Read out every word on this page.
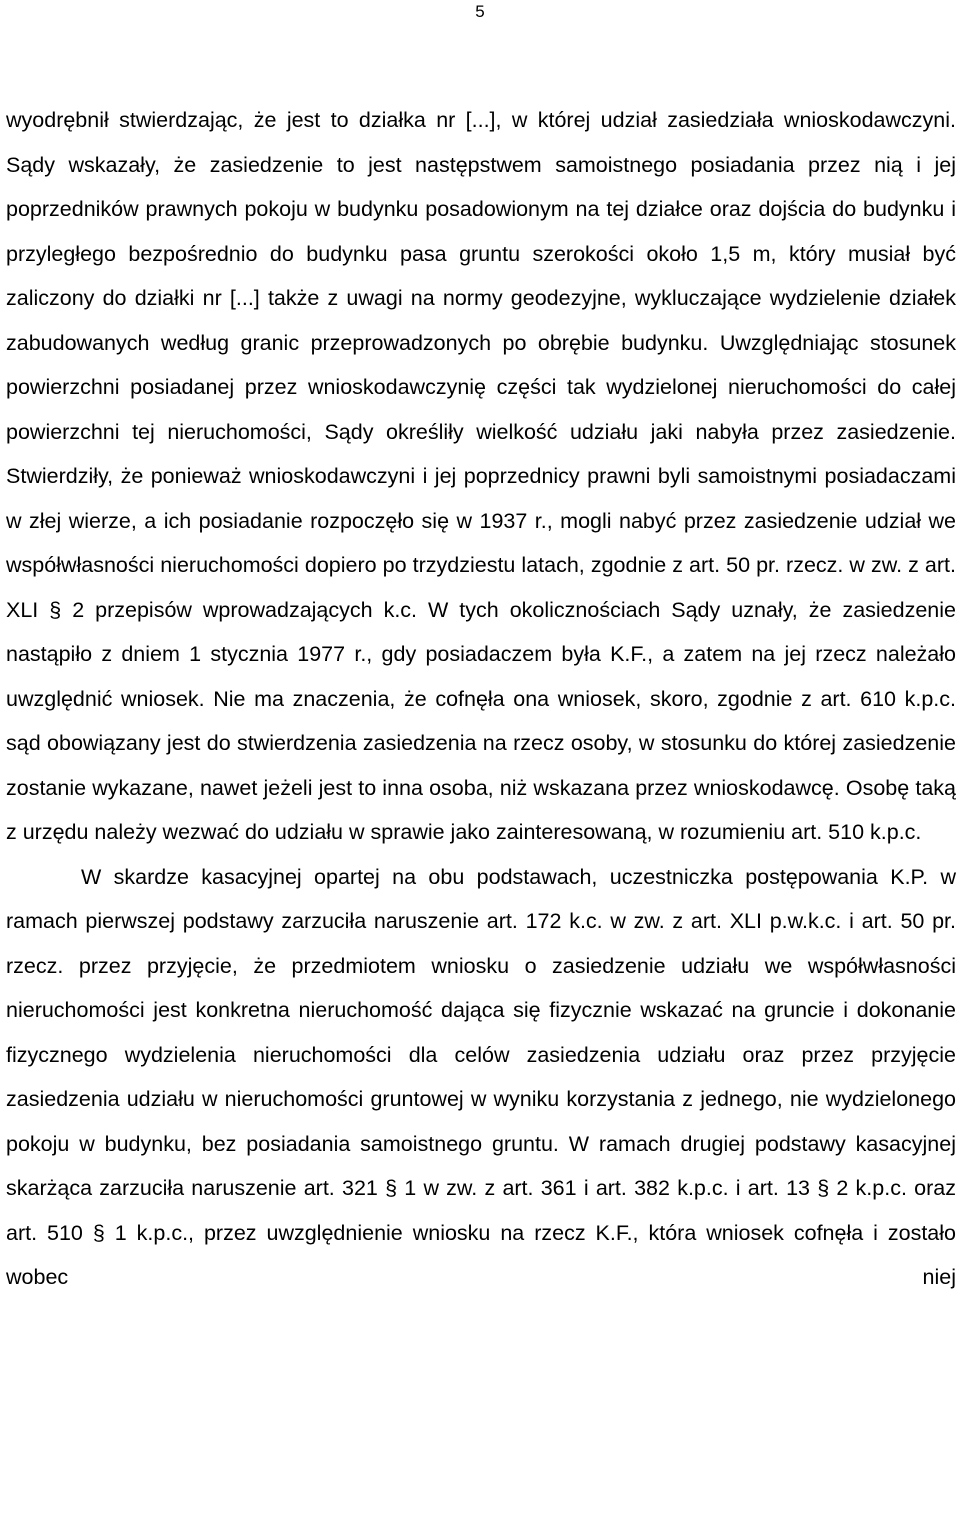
5

wyodrębnił stwierdzając, że jest to działka nr [...], w której udział zasiedziała wnioskodawczyni. Sądy wskazały, że zasiedzenie to jest następstwem samoistnego posiadania przez nią i jej poprzedników prawnych pokoju w budynku posadowionym na tej działce oraz dojścia do budynku i przyległego bezpośrednio do budynku pasa gruntu szerokości około 1,5 m, który musiał być zaliczony do działki nr [...] także z uwagi na normy geodezyjne, wykluczające wydzielenie działek zabudowanych według granic przeprowadzonych po obrębie budynku. Uwzględniając stosunek powierzchni posiadanej przez wnioskodawczynię części tak wydzielonej nieruchomości do całej powierzchni tej nieruchomości, Sądy określiły wielkość udziału jaki nabyła przez zasiedzenie. Stwierdziły, że ponieważ wnioskodawczyni i jej poprzednicy prawni byli samoistnymi posiadaczami w złej wierze, a ich posiadanie rozpoczęło się w 1937 r., mogli nabyć przez zasiedzenie udział we współwłasności nieruchomości dopiero po trzydziestu latach, zgodnie z art. 50 pr. rzecz. w zw. z art. XLI § 2 przepisów wprowadzających k.c. W tych okolicznościach Sądy uznały, że zasiedzenie nastąpiło z dniem 1 stycznia 1977 r., gdy posiadaczem była K.F., a zatem na jej rzecz należało uwzględnić wniosek. Nie ma znaczenia, że cofnęła ona wniosek, skoro, zgodnie z art. 610 k.p.c. sąd obowiązany jest do stwierdzenia zasiedzenia na rzecz osoby, w stosunku do której zasiedzenie zostanie wykazane, nawet jeżeli jest to inna osoba, niż wskazana przez wnioskodawcę. Osobę taką z urzędu należy wezwać do udziału w sprawie jako zainteresowaną, w rozumieniu art. 510 k.p.c.

W skardze kasacyjnej opartej na obu podstawach, uczestniczka postępowania K.P. w ramach pierwszej podstawy zarzuciła naruszenie art. 172 k.c. w zw. z art. XLI p.w.k.c. i art. 50 pr. rzecz. przez przyjęcie, że przedmiotem wniosku o zasiedzenie udziału we współwłasności nieruchomości jest konkretna nieruchomość dająca się fizycznie wskazać na gruncie i dokonanie fizycznego wydzielenia nieruchomości dla celów zasiedzenia udziału oraz przez przyjęcie zasiedzenia udziału w nieruchomości gruntowej w wyniku korzystania z jednego, nie wydzielonego pokoju w budynku, bez posiadania samoistnego gruntu. W ramach drugiej podstawy kasacyjnej skarżąca zarzuciła naruszenie art. 321 § 1 w zw. z art. 361 i art. 382 k.p.c. i art. 13 § 2 k.p.c. oraz art. 510 § 1 k.p.c., przez uwzględnienie wniosku na rzecz K.F., która wniosek cofnęła i zostało wobec niej
